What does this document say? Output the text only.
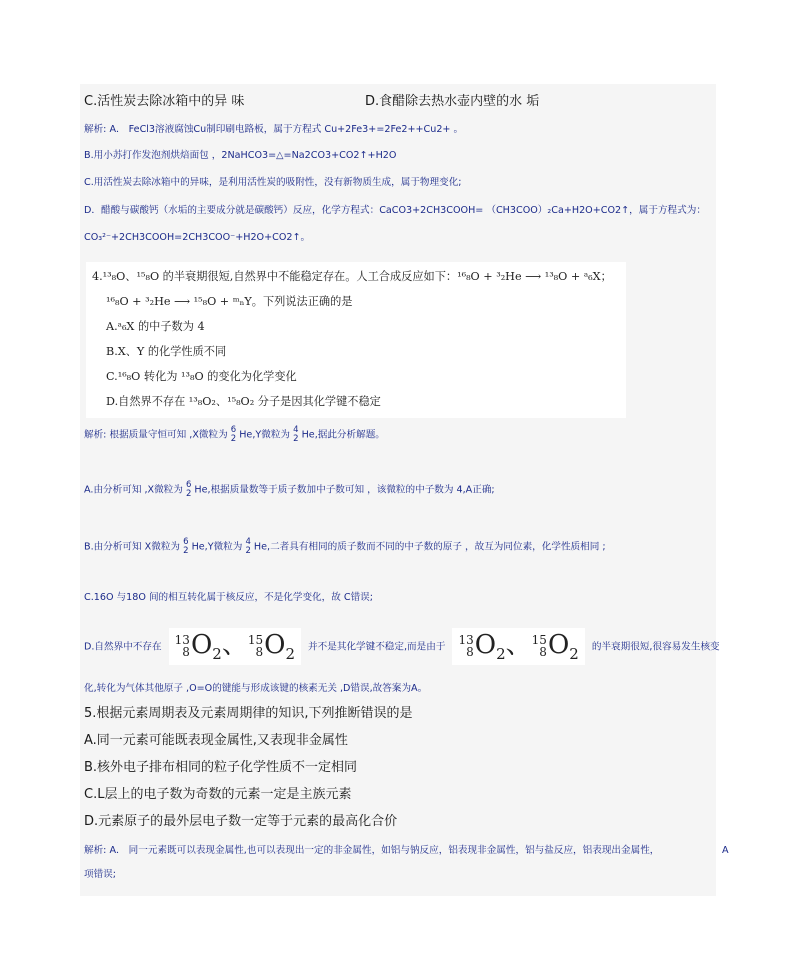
C.活性炭去除冰箱中的异 味	D.食醋除去热水壶内壁的水 垢
解析: A． FeCl3溶液腐蚀Cu制印刷电路板，属于方程式 Cu+2Fe3+=2Fe2++Cu2+ 。
B.用小苏打作发泡剂烘焙面包 ，2NaHCO3=△=Na2CO3+CO2↑+H2O
C.用活性炭去除冰箱中的异味，是利用活性炭的吸附性，没有新物质生成，属于物理变化;
D．醋酸与碳酸钙（水垢的主要成分就是碳酸钙）反应，化学方程式：CaCO3+2CH3COOH= （CH3COO）₂Ca+H2O+CO2↑，属于方程式为：
CO₃²⁻+2CH3COOH=2CH3COO⁻+H2O+CO2↑。
4.¹³₈O、¹⁵₈O 的半衰期很短,自然界中不能稳定存在。人工合成反应如下：¹⁶₈O + ³₂He ⟶ ¹³₈O + ᵃ₆X；
¹⁶₈O + ³₂He ⟶ ¹⁵₈O + ᵐₙY。下列说法正确的是
A.ᵃ₆X 的中子数为 4
B.X、Y 的化学性质不同
C.¹⁶₈O 转化为 ¹³₈O 的变化为化学变化
D.自然界不存在 ¹³₈O₂、¹⁵₈O₂ 分子是因其化学键不稳定
解析: 根据质量守恒可知 ,X微粒为 6
2 He,Y微粒为 4
2 He,据此分析解题。
A.由分析可知 ,X微粒为 6
2 He,根据质量数等于质子数加中子数可知 ，该微粒的中子数为 4,A正确;
B.由分析可知 X微粒为 6
2 He,Y微粒为 4
2 He,二者具有相同的质子数而不同的中子数的原子 ，故互为同位素，化学性质相同 ;
C.16O 与18O 间的相互转化属于核反应，不是化学变化，故 C错误;
D.自然界中不存在
13
8 $O_2$、 15
8 $O_2$ 并不是其化学键不稳定,而是由于
13
8 $O_2$、 15
8 $O_2$ 的半衰期很短,很容易发生核变
化,转化为气体其他原子 ,O=O的键能与形成该键的核素无关 ,D错误,故答案为A。
5.根据元素周期表及元素周期律的知识,下列推断错误的是
A.同一元素可能既表现金属性,又表现非金属性
B.核外电子排布相同的粒子化学性质不一定相同
C.L层上的电子数为奇数的元素一定是主族元素
D.元素原子的最外层电子数一定等于元素的最高化合价
解析: A． 同一元素既可以表现金属性,也可以表现出一定的非金属性，如铝与钠反应，铝表现非金属性，铝与盐反应，铝表现出金属性，	A
项错误;
